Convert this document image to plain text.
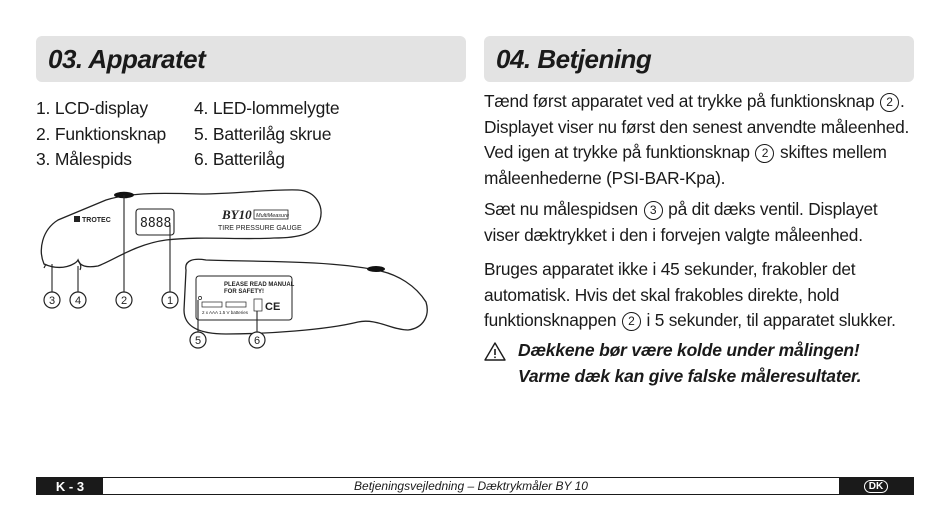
03. Apparatet
1. LCD-display
2. Funktionsknap
3. Målespids
4. LED-lommelygte
5. Batterilåg skrue
6. Batterilåg
TROTEC 8888
BY10 MultiMeasure
TIRE PRESSURE GAUGE
PLEASE READ MANUAL
FOR SAFETY!
2 x AAA 1.5 V batteries CE
3 4	2	1
5	6
04. Betjening

Tænd først apparatet ved at trykke på funktionsknap 2 . Displayet viser nu først den senest anvendte måleenhed. Ved igen at trykke på funktionsknap 2 skiftes mellem måleenhederne (PSI-BAR-Kpa).

Sæt nu målespidsen 3 på dit dæks ventil. Displayet viser dæktrykket i den i forvejen valgte måleenhed.

Bruges apparatet ikke i 45 sekunder, frakobler det automatisk. Hvis det skal frakobles direkte, hold funktionsknappen 2 i 5 sekunder, til apparatet slukker.

Dækkene bør være kolde under målingen! Varme dæk kan give falske måleresultater.

K - 3	Betjeningsvejledning – Dæktrykmåler BY 10	DK
